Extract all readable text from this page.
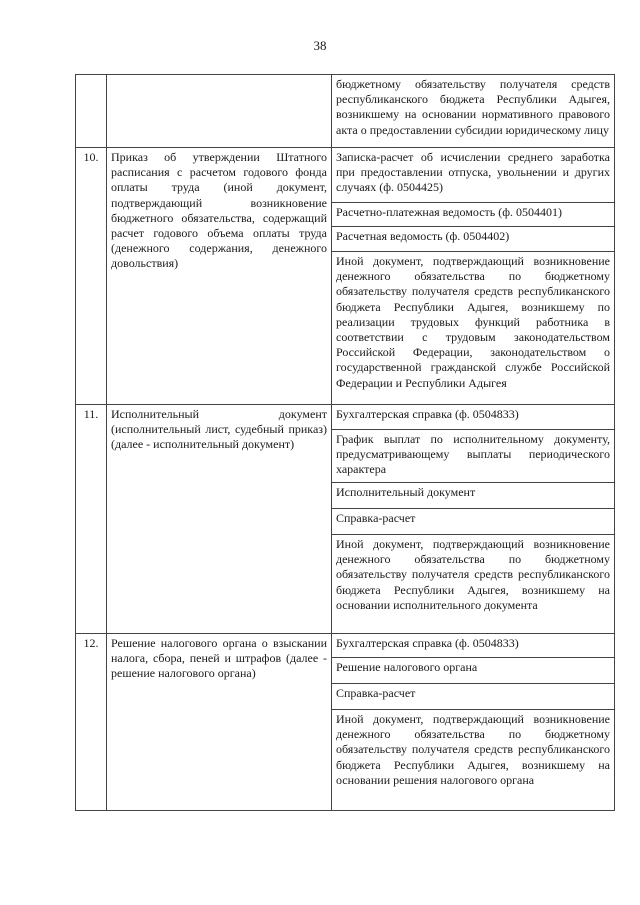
38

		бюджетному обязательству получателя средств республиканского бюджета Республики Адыгея, возникшему на основании нормативного правового акта о предоставлении субсидии юридическому лицу

10.	Приказ об утверждении Штатного расписания с расчетом годового фонда оплаты труда (иной документ, подтверждающий возникновение бюджетного обязательства, содержащий расчет годового объема оплаты труда (денежного содержания, денежного довольствия)	Записка-расчет об исчислении среднего заработка при предоставлении отпуска, увольнении и других случаях (ф. 0504425)

		Расчетно-платежная ведомость (ф. 0504401)

		Расчетная ведомость (ф. 0504402)

		Иной документ, подтверждающий возникновение денежного обязательства по бюджетному обязательству получателя средств республиканского бюджета Республики Адыгея, возникшему по реализации трудовых функций работника в соответствии с трудовым законодательством Российской Федерации, законодательством о государственной гражданской службе Российской Федерации и Республики Адыгея

11.	Исполнительный документ (исполнительный лист, судебный приказ) (далее - исполнительный документ)	Бухгалтерская справка (ф. 0504833)

		График выплат по исполнительному документу, предусматривающему выплаты периодического характера

		Исполнительный документ

		Справка-расчет

		Иной документ, подтверждающий возникновение денежного обязательства по бюджетному обязательству получателя средств республиканского бюджета Республики Адыгея, возникшему на основании исполнительного документа

12.	Решение налогового органа о взыскании налога, сбора, пеней и штрафов (далее - решение налогового органа)	Бухгалтерская справка (ф. 0504833)

		Решение налогового органа

		Справка-расчет

		Иной документ, подтверждающий возникновение денежного обязательства по бюджетному обязательству получателя средств республиканского бюджета Республики Адыгея, возникшему на основании решения налогового органа
